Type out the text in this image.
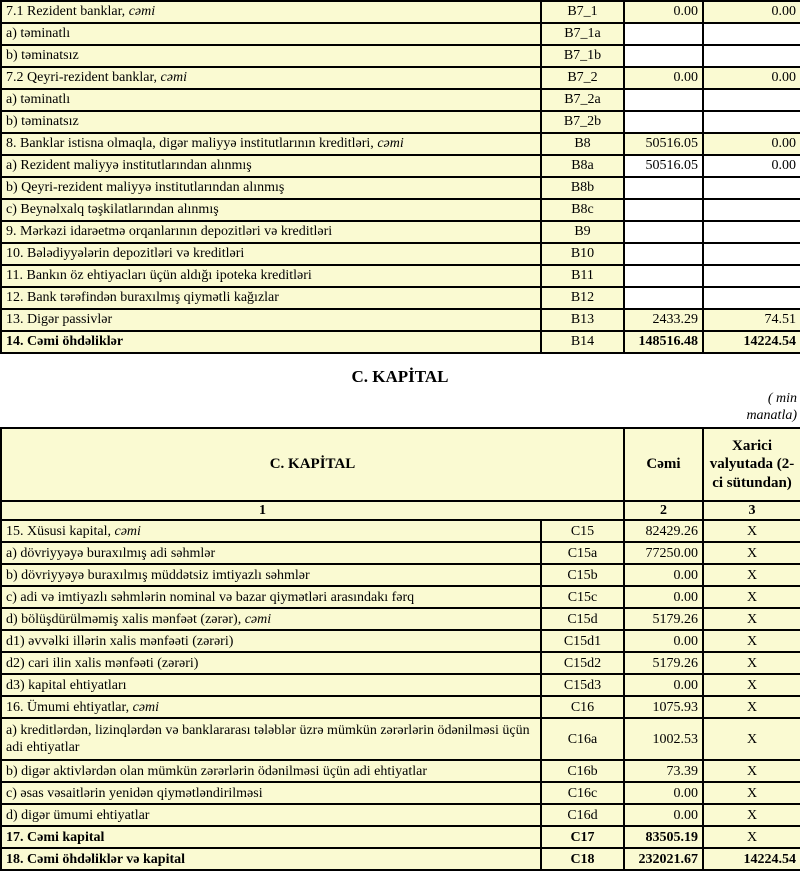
7.1 Rezident banklar, cəmi	B7_1	0.00	0.00
a) təminatlı	B7_1a		
b) təminatsız	B7_1b		
7.2 Qeyri-rezident banklar, cəmi	B7_2	0.00	0.00
a) təminatlı	B7_2a		
b) təminatsız	B7_2b		
8. Banklar istisna olmaqla, digər maliyyə institutlarının kreditləri, cəmi	B8	50516.05	0.00
a) Rezident maliyyə institutlarından alınmış	B8a	50516.05	0.00
b) Qeyri-rezident maliyyə institutlarından alınmış	B8b		
c) Beynəlxalq təşkilatlarından alınmış	B8c		
9. Mərkəzi idarəetmə orqanlarının depozitləri və kreditləri	B9		
10. Bələdiyyələrin depozitləri və kreditləri	B10		
11. Bankın öz ehtiyacları üçün aldığı ipoteka kreditləri	B11		
12. Bank tərəfindən buraxılmış qiymətli kağızlar	B12		
13. Digər passivlər	B13	2433.29	74.51
14. Cəmi öhdəliklər	B14	148516.48	14224.54
C. KAPİTAL
( min
manatla)
C. KAPİTAL		Cəmi	Xarici valyutada (2-ci sütundan)
1		2	3
15. Xüsusi kapital, cəmi	C15	82429.26	X
a) dövriyyəyə buraxılmış adi səhmlər	C15a	77250.00	X
b) dövriyyəyə buraxılmış müddətsiz imtiyazlı səhmlər	C15b	0.00	X
c) adi və imtiyazlı səhmlərin nominal və bazar qiymətləri arasındakı fərq	C15c	0.00	X
d) bölüşdürülməmiş xalis mənfəət (zərər), cəmi	C15d	5179.26	X
d1) əvvəlki illərin xalis mənfəəti (zərəri)	C15d1	0.00	X
d2) cari ilin xalis mənfəəti (zərəri)	C15d2	5179.26	X
d3) kapital ehtiyatları	C15d3	0.00	X
16. Ümumi ehtiyatlar, cəmi	C16	1075.93	X
a) kreditlərdən, lizinqlərdən və banklararası tələblər üzrə mümkün zərərlərin ödənilməsi üçün adi ehtiyatlar	C16a	1002.53	X
b) digər aktivlərdən olan mümkün zərərlərin ödənilməsi üçün adi ehtiyatlar	C16b	73.39	X
c) əsas vəsaitlərin yenidən qiymətləndirilməsi	C16c	0.00	X
d) digər ümumi ehtiyatlar	C16d	0.00	X
17. Cəmi kapital	C17	83505.19	X
18. Cəmi öhdəliklər və kapital	C18	232021.67	14224.54
